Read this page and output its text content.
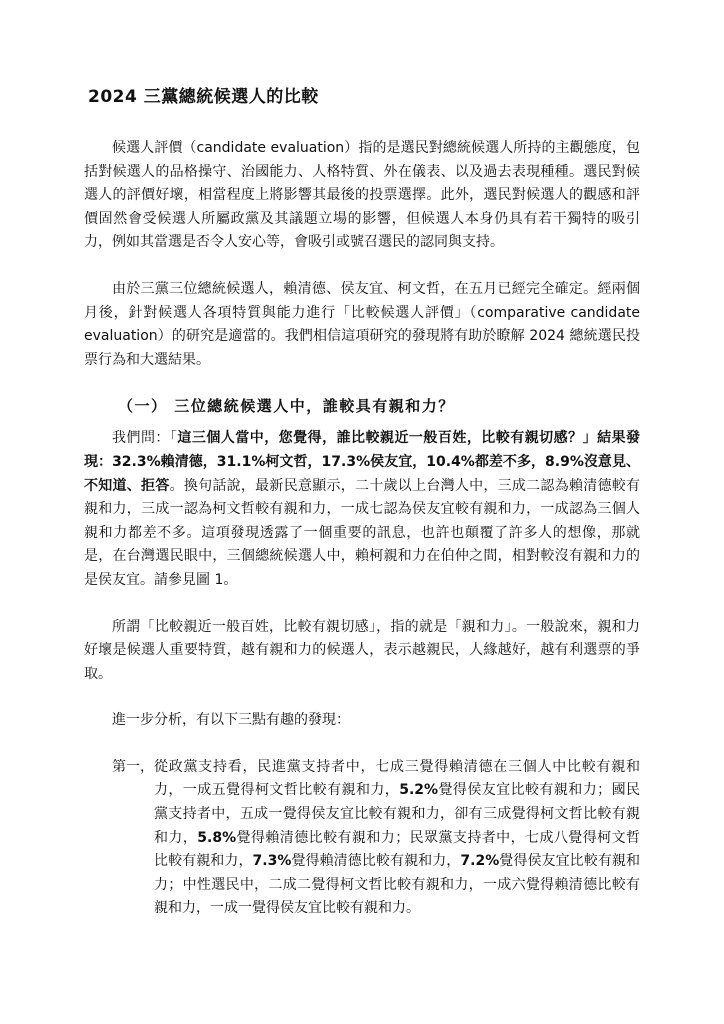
2024 三黨總統候選人的比較

候選人評價（candidate evaluation）指的是選民對總統候選人所持的主觀態度，包括對候選人的品格操守、治國能力、人格特質、外在儀表、以及過去表現種種。選民對候選人的評價好壞，相當程度上將影響其最後的投票選擇。此外，選民對候選人的觀感和評價固然會受候選人所屬政黨及其議題立場的影響，但候選人本身仍具有若干獨特的吸引力，例如其當選是否令人安心等，會吸引或號召選民的認同與支持。

由於三黨三位總統候選人，賴清德、侯友宜、柯文哲，在五月已經完全確定。經兩個月後，針對候選人各項特質與能力進行「比較候選人評價」（comparative candidate evaluation）的研究是適當的。我們相信這項研究的發現將有助於瞭解 2024 總統選民投票行為和大選結果。

（一） 三位總統候選人中，誰較具有親和力？

我們問：「這三個人當中，您覺得，誰比較親近一般百姓，比較有親切感？」結果發現：32.3%賴清德，31.1%柯文哲，17.3%侯友宜，10.4%都差不多，8.9%沒意見、不知道、拒答。換句話說，最新民意顯示，二十歲以上台灣人中，三成二認為賴清德較有親和力，三成一認為柯文哲較有親和力，一成七認為侯友宜較有親和力，一成認為三個人親和力都差不多。這項發現透露了一個重要的訊息，也許也顛覆了許多人的想像，那就是，在台灣選民眼中，三個總統候選人中，賴柯親和力在伯仲之間，相對較沒有親和力的是侯友宜。請參見圖 1。

所謂「比較親近一般百姓，比較有親切感」，指的就是「親和力」。一般說來，親和力好壞是候選人重要特質，越有親和力的候選人，表示越親民，人緣越好，越有利選票的爭取。

進一步分析，有以下三點有趣的發現：

第一， 從政黨支持看，民進黨支持者中，七成三覺得賴清德在三個人中比較有親和力，一成五覺得柯文哲比較有親和力，5.2%覺得侯友宜比較有親和力；國民黨支持者中，五成一覺得侯友宜比較有親和力，卻有三成覺得柯文哲比較有親和力，5.8%覺得賴清德比較有親和力；民眾黨支持者中，七成八覺得柯文哲比較有親和力，7.3%覺得賴清德比較有親和力，7.2%覺得侯友宜比較有親和力；中性選民中，二成二覺得柯文哲比較有親和力，一成六覺得賴清德比較有親和力，一成一覺得侯友宜比較有親和力。
